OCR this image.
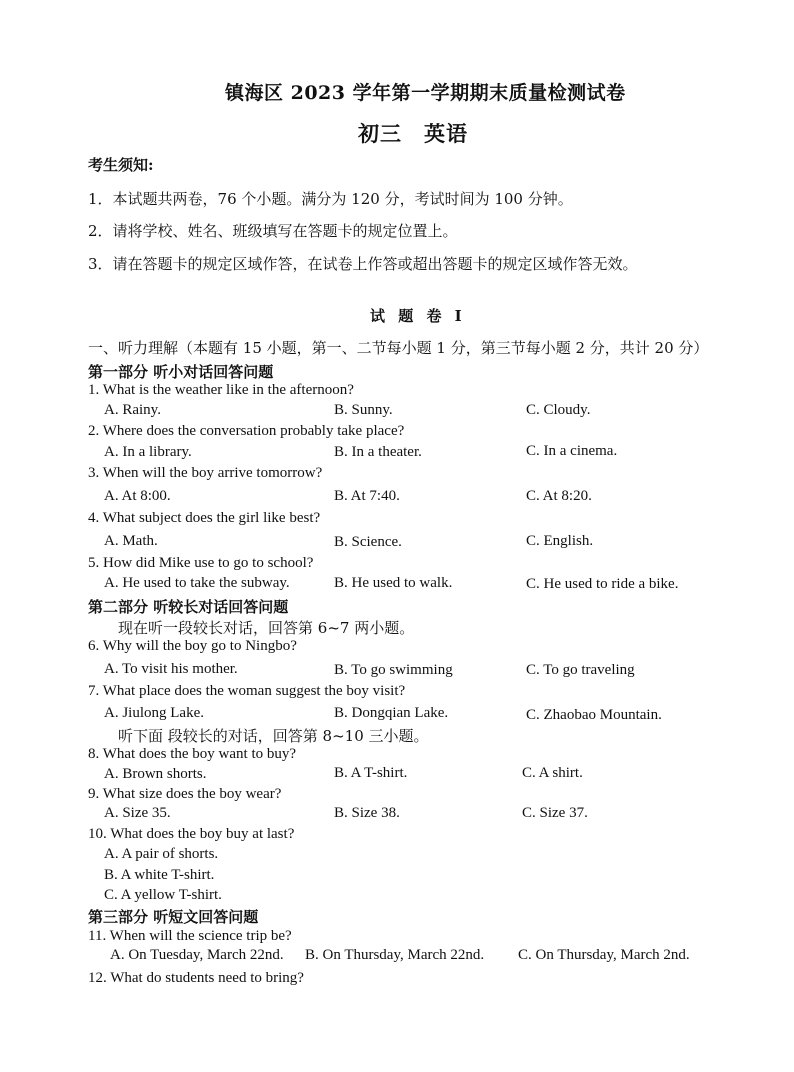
镇海区 2023 学年第一学期期末质量检测试卷
初三　英语
考生须知:
1．本试题共两卷，76 个小题。满分为 120 分，考试时间为 100 分钟。
2．请将学校、姓名、班级填写在答题卡的规定位置上。
3．请在答题卡的规定区域作答，在试卷上作答或超出答题卡的规定区域作答无效。
试 题 卷 I
一、听力理解（本题有 15 小题，第一、二节每小题 1 分，第三节每小题 2 分，共计 20 分）
第一部分 听小对话回答问题
1. What is the weather like in the afternoon?
A. Rainy.	B. Sunny.	C. Cloudy.
2. Where does the conversation probably take place?
A. In a library.	B. In a theater.	C. In a cinema.
3. When will the boy arrive tomorrow?
A. At 8:00.	B. At 7:40.	C. At 8:20.
4. What subject does the girl like best?
A. Math.	B. Science.	C. English.
5. How did Mike use to go to school?
A. He used to take the subway.	B. He used to walk.	C. He used to ride a bike.
第二部分 听较长对话回答问题
现在听一段较长对话，回答第 6~7 两小题。
6. Why will the boy go to Ningbo?
A. To visit his mother.	B. To go swimming	C. To go traveling
7. What place does the woman suggest the boy visit?
A. Jiulong Lake.	B. Dongqian Lake.	C. Zhaobao Mountain.
听下面 段较长的对话，回答第 8~10 三小题。
8. What does the boy want to buy?
A. Brown shorts.	B. A T-shirt.	C. A shirt.
9. What size does the boy wear?
A. Size 35.	B. Size 38.	C. Size 37.
10. What does the boy buy at last?
A. A pair of shorts.
B. A white T-shirt.
C. A yellow T-shirt.
第三部分 听短文回答问题
11. When will the science trip be?
A. On Tuesday, March 22nd. B. On Thursday, March 22nd. C. On Thursday, March 2nd.
12. What do students need to bring?
